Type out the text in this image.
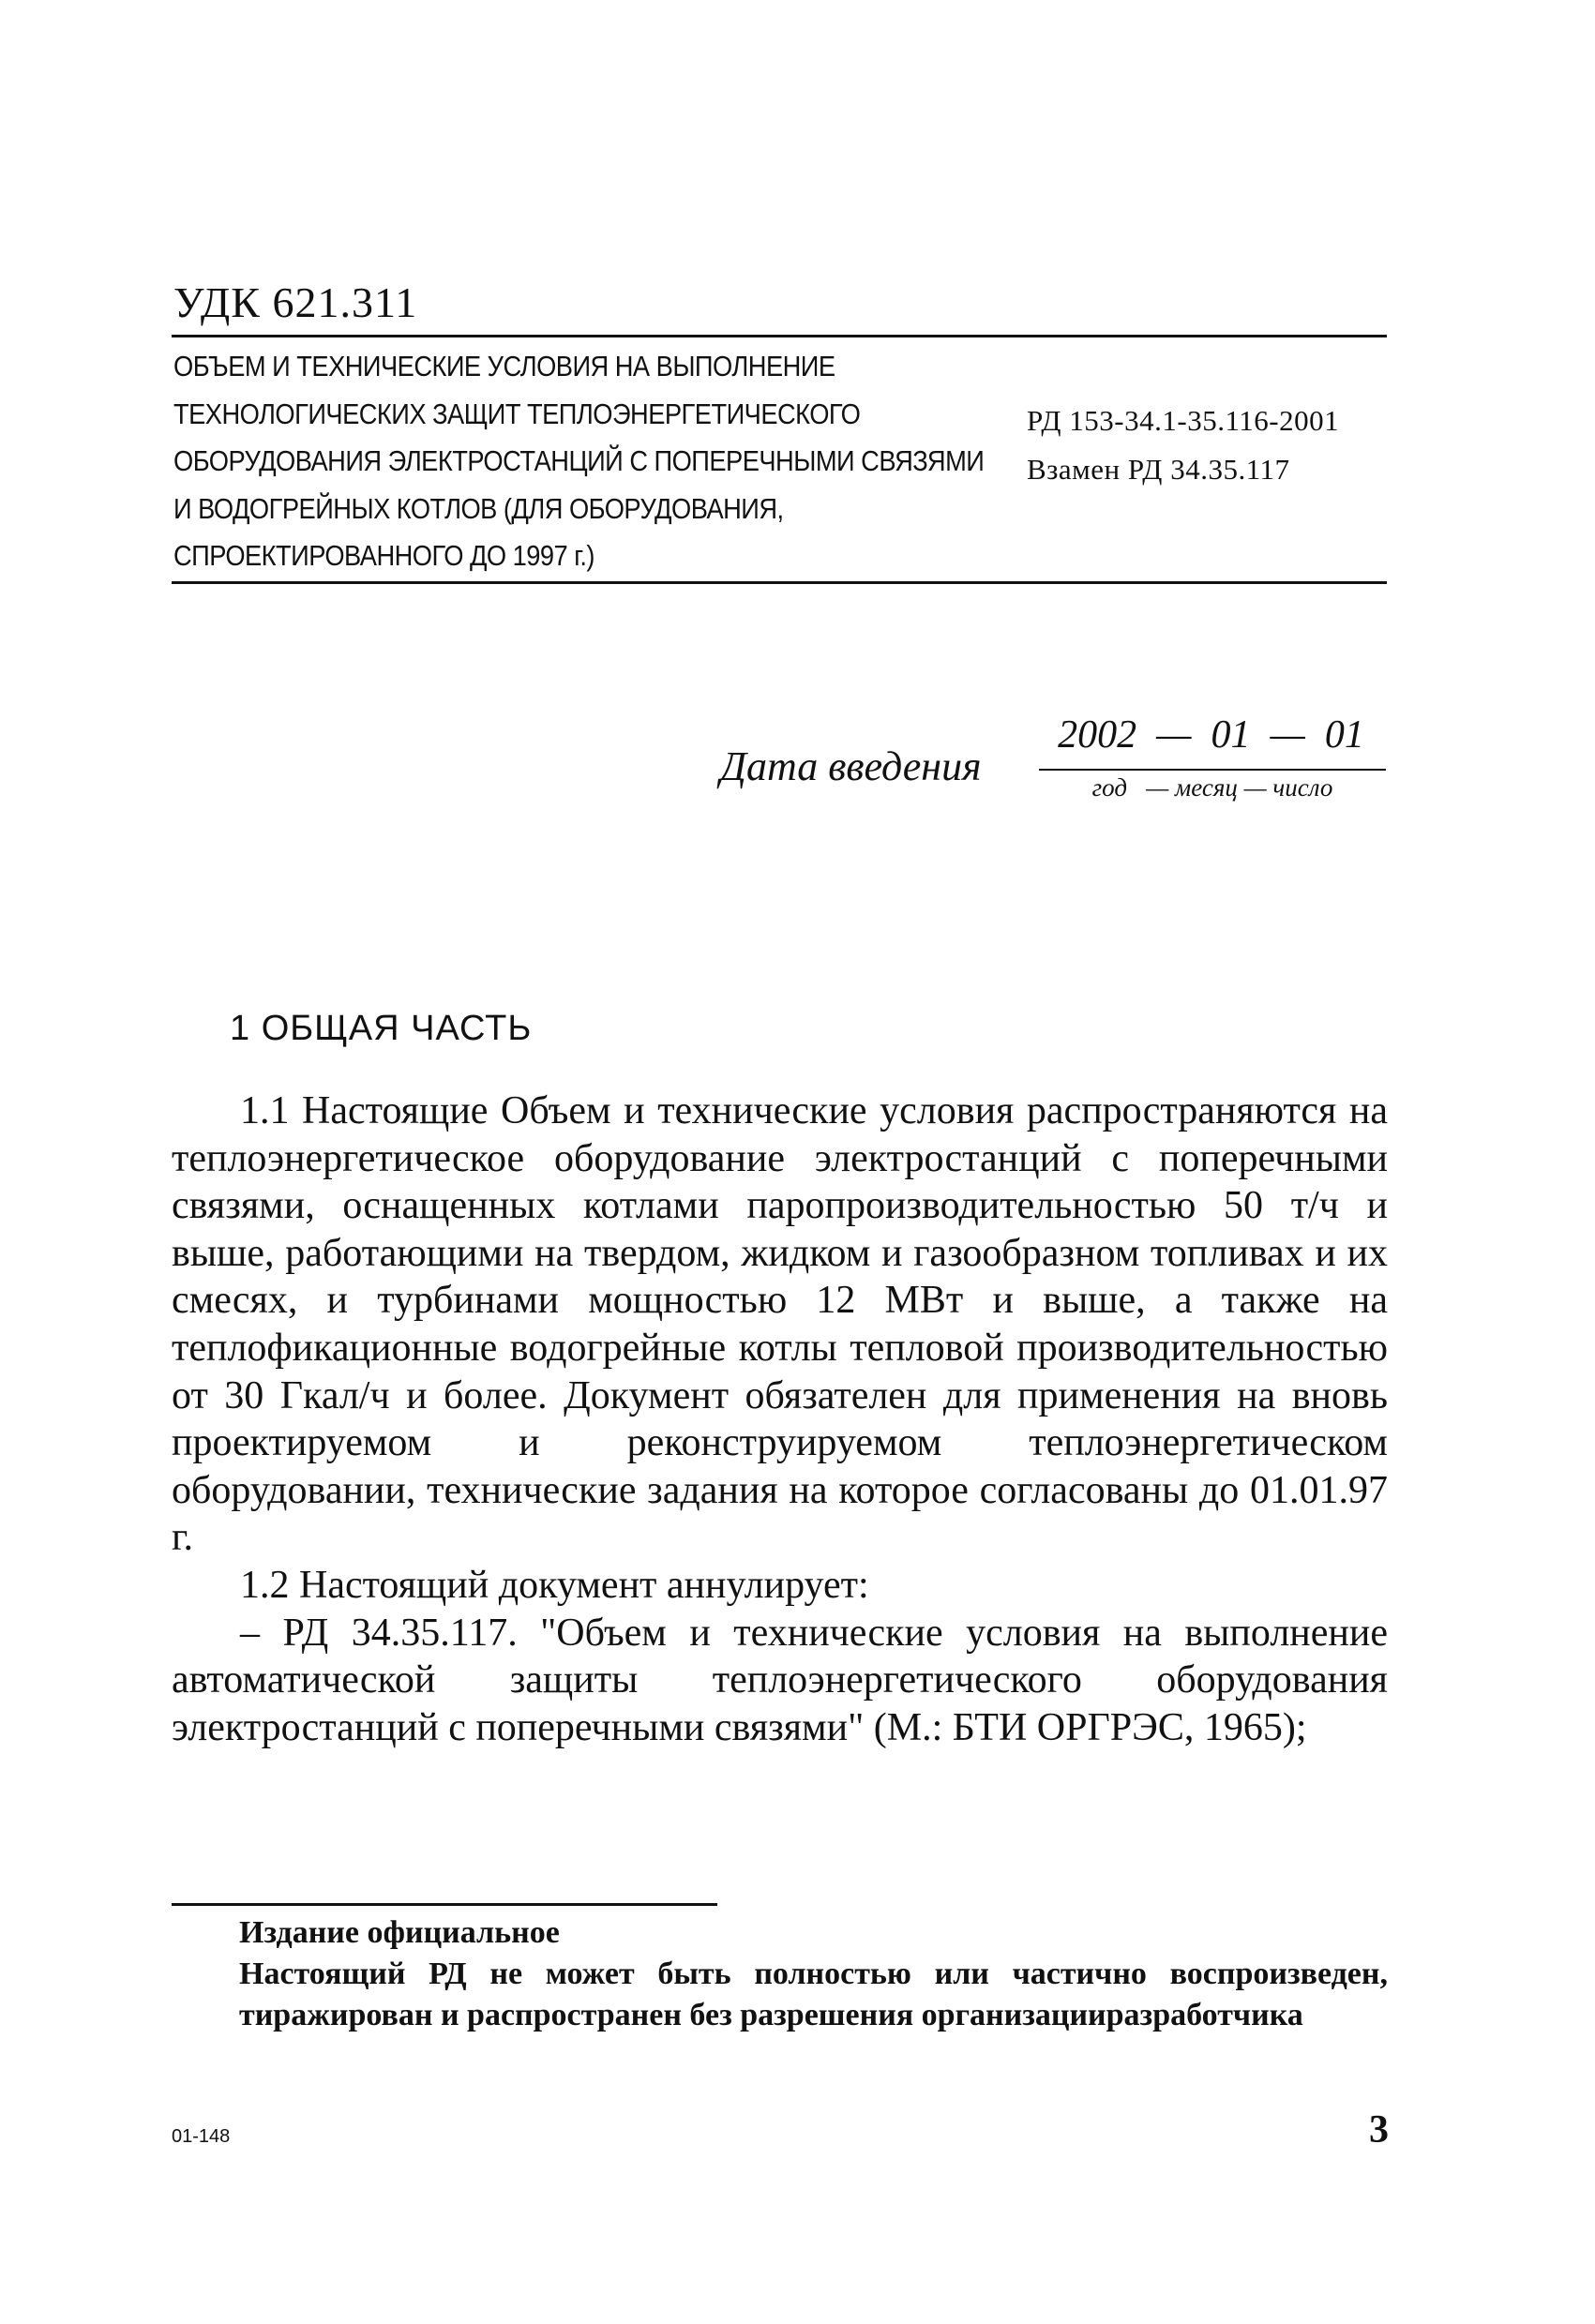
УДК 621.311
ОБЪЕМ И ТЕХНИЧЕСКИЕ УСЛОВИЯ НА ВЫПОЛНЕНИЕ
ТЕХНОЛОГИЧЕСКИХ ЗАЩИТ ТЕПЛОЭНЕРГЕТИЧЕСКОГО
ОБОРУДОВАНИЯ ЭЛЕКТРОСТАНЦИЙ С ПОПЕРЕЧНЫМИ СВЯЗЯМИ
И ВОДОГРЕЙНЫХ КОТЛОВ (ДЛЯ ОБОРУДОВАНИЯ,
СПРОЕКТИРОВАННОГО ДО 1997 г.)
РД 153-34.1-35.116-2001
Взамен РД 34.35.117
Дата введения
2002  —  01  —  01
год   — месяц — число
1 ОБЩАЯ ЧАСТЬ

1.1 Настоящие Объем и технические условия распространяются на теплоэнергетическое оборудование электростанций с поперечными связями, оснащенных котлами паропроизводительностью 50 т/ч и выше, работающими на твердом, жидком и газообразном топливах и их смесях, и турбинами мощностью 12 МВт и выше, а также на теплофикационные водогрейные котлы тепловой производительностью от 30 Гкал/ч и более. Документ обязателен для применения на вновь проектируемом и реконструируемом теплоэнергетическом оборудовании, технические задания на которое согласованы до 01.01.97 г.

1.2 Настоящий документ аннулирует:

– РД 34.35.117. "Объем и технические условия на выполнение автоматической защиты теплоэнергетического оборудования электростанций с поперечными связями" (М.: БТИ ОРГРЭС, 1965);

Издание официальное

Настоящий РД не может быть полностью или частично воспроизведен, тиражирован и распространен без разрешения организацииразработчика

01-148	3
